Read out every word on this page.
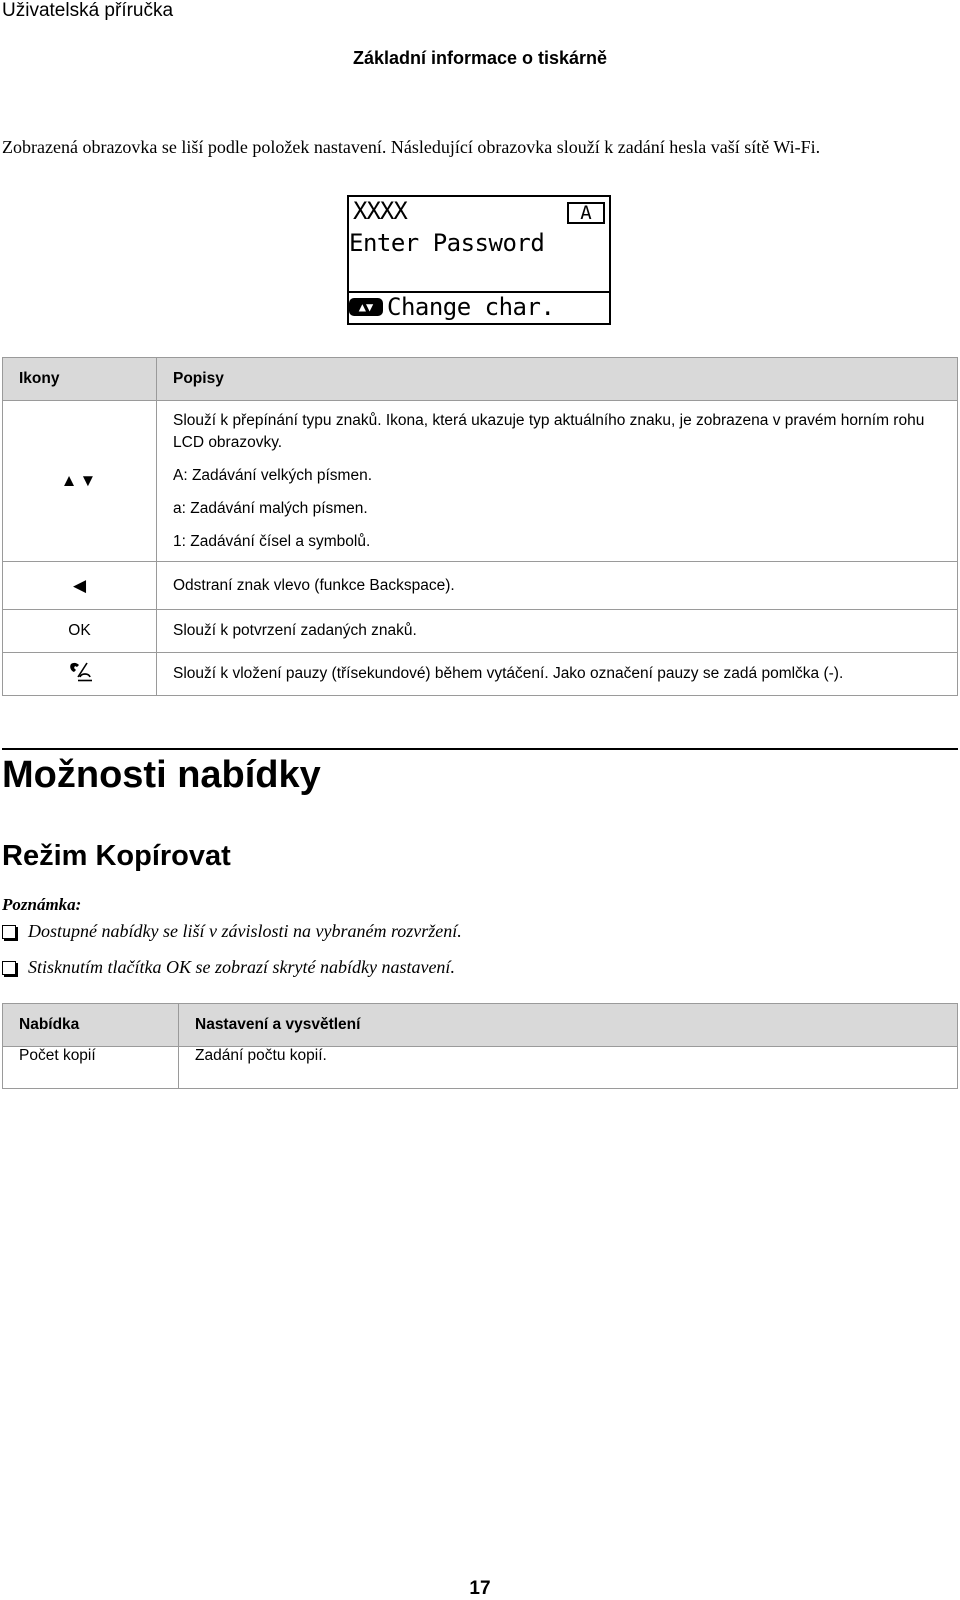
Uživatelská příručka
Základní informace o tiskárně
Zobrazená obrazovka se liší podle položek nastavení. Následující obrazovka slouží k zadání hesla vaší sítě Wi-Fi.
XXXX	A
Enter Password
▲▼ Change char.
Ikony	Popisy
▲▼	Slouží k přepínání typu znaků. Ikona, která ukazuje typ aktuálního znaku, je zobrazena v pravém horním rohu LCD obrazovky.

A: Zadávání velkých písmen.

a: Zadávání malých písmen.

1: Zadávání čísel a symbolů.

◀	Odstraní znak vlevo (funkce Backspace).
OK	Slouží k potvrzení zadaných znaků.
	Slouží k vložení pauzy (třísekundové) během vytáčení. Jako označení pauzy se zadá pomlčka (-).
Možnosti nabídky
Režim Kopírovat
Poznámka:
Dostupné nabídky se liší v závislosti na vybraném rozvržení.
Stisknutím tlačítka OK se zobrazí skryté nabídky nastavení.
Nabídka	Nastavení a vysvětlení
Počet kopií	Zadání počtu kopií.
17
